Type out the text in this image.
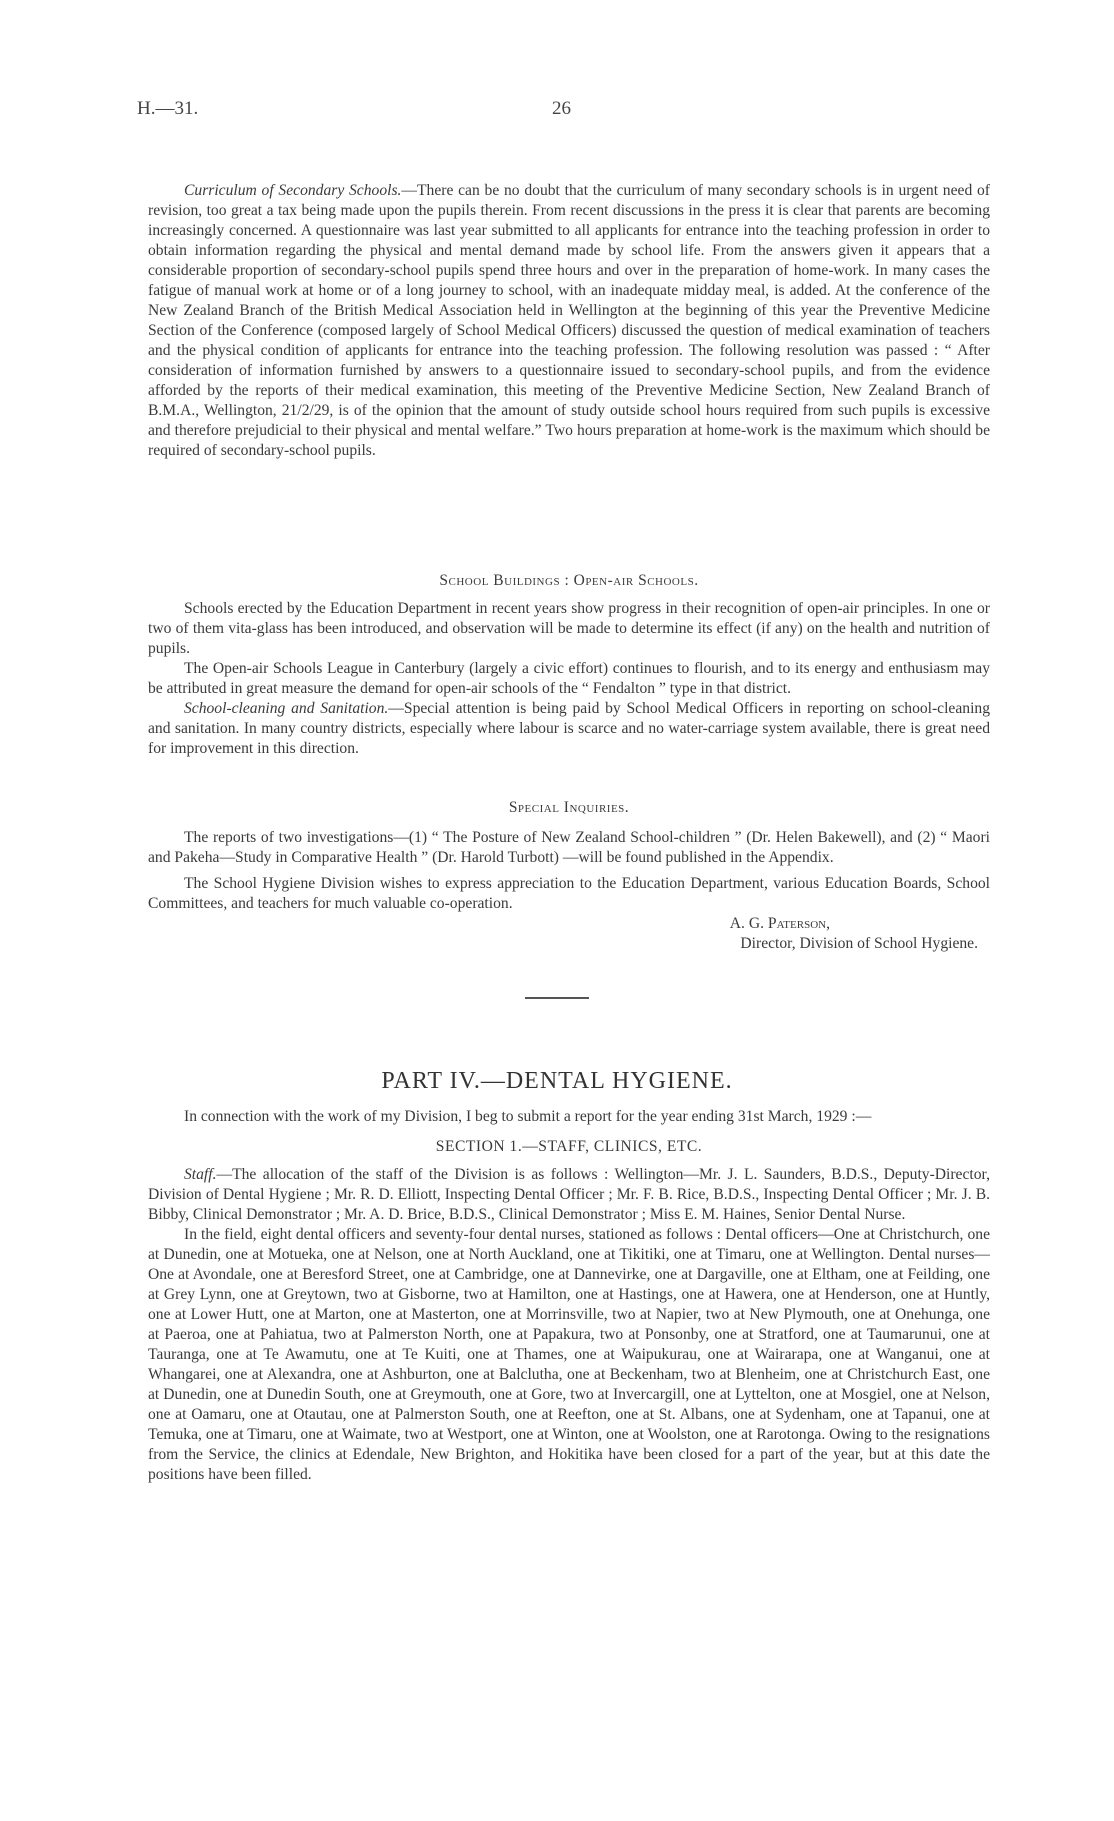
H.—31.	26

Curriculum of Secondary Schools.—There can be no doubt that the curriculum of many secondary schools is in urgent need of revision, too great a tax being made upon the pupils therein. From recent discussions in the press it is clear that parents are becoming increasingly concerned. A questionnaire was last year submitted to all applicants for entrance into the teaching profession in order to obtain information regarding the physical and mental demand made by school life. From the answers given it appears that a considerable proportion of secondary-school pupils spend three hours and over in the preparation of home-work. In many cases the fatigue of manual work at home or of a long journey to school, with an inadequate midday meal, is added. At the conference of the New Zealand Branch of the British Medical Association held in Wellington at the beginning of this year the Preventive Medicine Section of the Conference (composed largely of School Medical Officers) discussed the question of medical examination of teachers and the physical condition of applicants for entrance into the teaching profession. The following resolution was passed : “ After consideration of information furnished by answers to a questionnaire issued to secondary-school pupils, and from the evidence afforded by the reports of their medical examination, this meeting of the Preventive Medicine Section, New Zealand Branch of B.M.A., Wellington, 21/2/29, is of the opinion that the amount of study outside school hours required from such pupils is excessive and therefore prejudicial to their physical and mental welfare.” Two hours preparation at home-work is the maximum which should be required of secondary-school pupils.

School Buildings : Open-air Schools.

Schools erected by the Education Department in recent years show progress in their recognition of open-air principles. In one or two of them vita-glass has been introduced, and observation will be made to determine its effect (if any) on the health and nutrition of pupils.

The Open-air Schools League in Canterbury (largely a civic effort) continues to flourish, and to its energy and enthusiasm may be attributed in great measure the demand for open-air schools of the “ Fendalton ” type in that district.

School-cleaning and Sanitation.—Special attention is being paid by School Medical Officers in reporting on school-cleaning and sanitation. In many country districts, especially where labour is scarce and no water-carriage system available, there is great need for improvement in this direction.

Special Inquiries.

The reports of two investigations—(1) “ The Posture of New Zealand School-children ” (Dr. Helen Bakewell), and (2) “ Maori and Pakeha—Study in Comparative Health ” (Dr. Harold Turbott) —will be found published in the Appendix.

The School Hygiene Division wishes to express appreciation to the Education Department, various Education Boards, School Committees, and teachers for much valuable co-operation.

A. G. Paterson,
Director, Division of School Hygiene.
PART IV.—DENTAL HYGIENE.

In connection with the work of my Division, I beg to submit a report for the year ending 31st March, 1929 :—

SECTION 1.—STAFF, CLINICS, ETC.

Staff.—The allocation of the staff of the Division is as follows : Wellington—Mr. J. L. Saunders, B.D.S., Deputy-Director, Division of Dental Hygiene ; Mr. R. D. Elliott, Inspecting Dental Officer ; Mr. F. B. Rice, B.D.S., Inspecting Dental Officer ; Mr. J. B. Bibby, Clinical Demonstrator ; Mr. A. D. Brice, B.D.S., Clinical Demonstrator ; Miss E. M. Haines, Senior Dental Nurse.

In the field, eight dental officers and seventy-four dental nurses, stationed as follows : Dental officers—One at Christchurch, one at Dunedin, one at Motueka, one at Nelson, one at North Auckland, one at Tikitiki, one at Timaru, one at Wellington. Dental nurses—One at Avondale, one at Beresford Street, one at Cambridge, one at Dannevirke, one at Dargaville, one at Eltham, one at Feilding, one at Grey Lynn, one at Greytown, two at Gisborne, two at Hamilton, one at Hastings, one at Hawera, one at Henderson, one at Huntly, one at Lower Hutt, one at Marton, one at Masterton, one at Morrinsville, two at Napier, two at New Plymouth, one at Onehunga, one at Paeroa, one at Pahiatua, two at Palmerston North, one at Papakura, two at Ponsonby, one at Stratford, one at Taumarunui, one at Tauranga, one at Te Awamutu, one at Te Kuiti, one at Thames, one at Waipukurau, one at Wairarapa, one at Wanganui, one at Whangarei, one at Alexandra, one at Ashburton, one at Balclutha, one at Beckenham, two at Blenheim, one at Christchurch East, one at Dunedin, one at Dunedin South, one at Greymouth, one at Gore, two at Invercargill, one at Lyttelton, one at Mosgiel, one at Nelson, one at Oamaru, one at Otautau, one at Palmerston South, one at Reefton, one at St. Albans, one at Sydenham, one at Tapanui, one at Temuka, one at Timaru, one at Waimate, two at Westport, one at Winton, one at Woolston, one at Rarotonga. Owing to the resignations from the Service, the clinics at Edendale, New Brighton, and Hokitika have been closed for a part of the year, but at this date the positions have been filled.
